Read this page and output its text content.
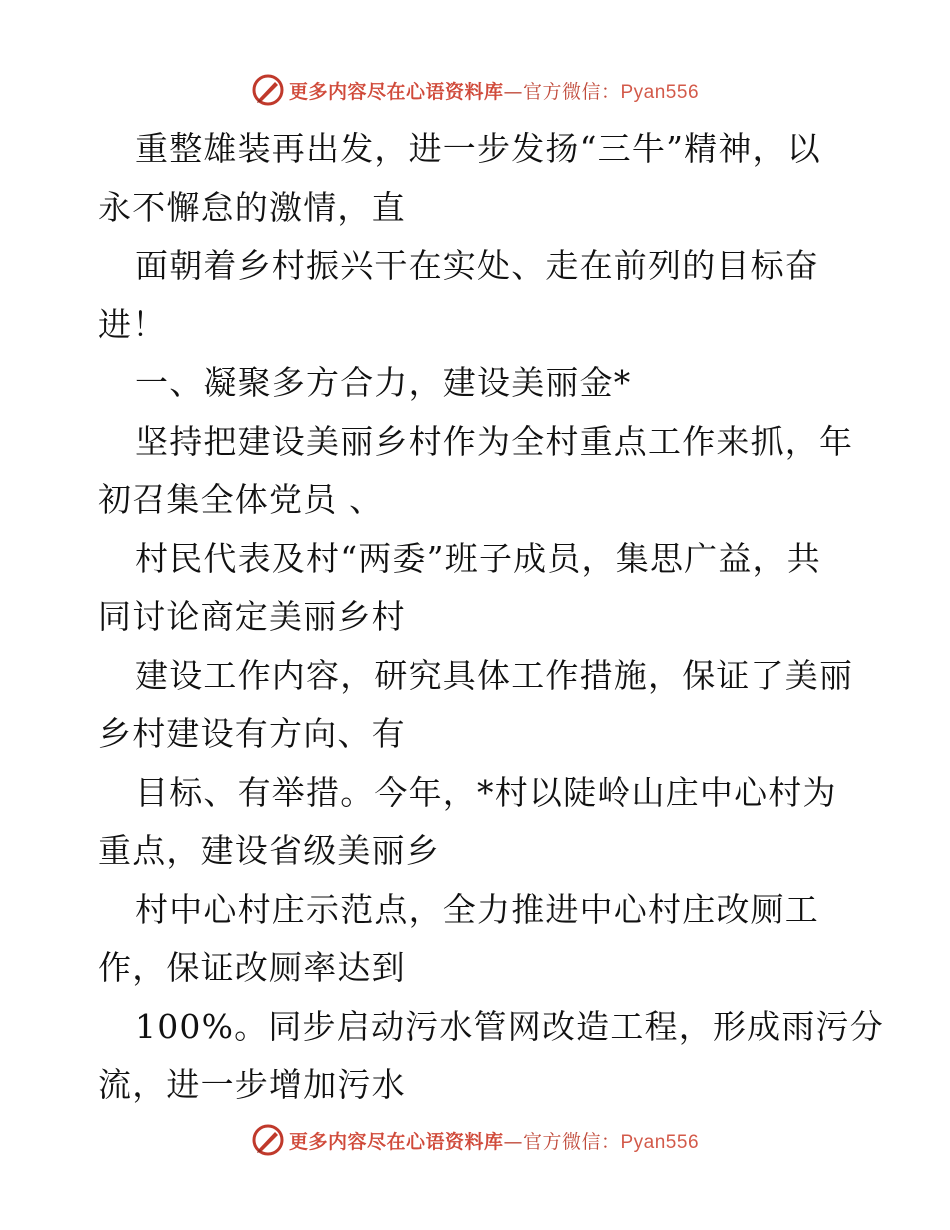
更多内容尽在心语资料库—官方微信：Pyan556
重整雄装再出发，进一步发扬“三牛”精神，以
永不懈怠的激情，直
面朝着乡村振兴干在实处、走在前列的目标奋
进！
一、凝聚多方合力，建设美丽金*
坚持把建设美丽乡村作为全村重点工作来抓，年
初召集全体党员 、
村民代表及村“两委”班子成员，集思广益，共
同讨论商定美丽乡村
建设工作内容，研究具体工作措施，保证了美丽
乡村建设有方向、有
目标、有举措。今年，*村以陡岭山庄中心村为
重点，建设省级美丽乡
村中心村庄示范点，全力推进中心村庄改厕工
作，保证改厕率达到
100%。同步启动污水管网改造工程，形成雨污分
流，进一步增加污水
更多内容尽在心语资料库—官方微信：Pyan556
